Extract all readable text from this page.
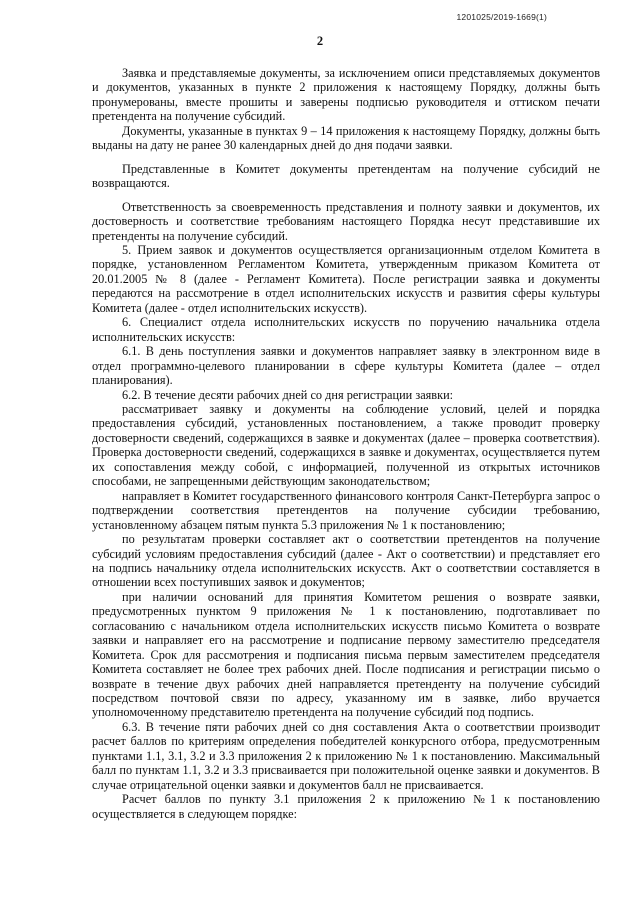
1201025/2019-1669(1)
2

Заявка и представляемые документы, за исключением описи представляемых документов и документов, указанных в пункте 2 приложения к настоящему Порядку, должны быть пронумерованы, вместе прошиты и заверены подписью руководителя и оттиском печати претендента на получение субсидий.

Документы, указанные в пунктах 9 – 14 приложения к настоящему Порядку, должны быть выданы на дату не ранее 30 календарных дней до дня подачи заявки.

Представленные в Комитет документы претендентам на получение субсидий не возвращаются.

Ответственность за своевременность представления и полноту заявки и документов, их достоверность и соответствие требованиям настоящего Порядка несут представившие их претенденты на получение субсидий.

5. Прием заявок и документов осуществляется организационным отделом Комитета в порядке, установленном Регламентом Комитета, утвержденным приказом Комитета от 20.01.2005 № 8 (далее - Регламент Комитета). После регистрации заявка и документы передаются на рассмотрение в отдел исполнительских искусств и развития сферы культуры Комитета (далее - отдел исполнительских искусств).

6. Специалист отдела исполнительских искусств по поручению начальника отдела исполнительских искусств:

6.1. В день поступления заявки и документов направляет заявку в электронном виде в отдел программно-целевого планировании в сфере культуры Комитета (далее – отдел планирования).

6.2. В течение десяти рабочих дней со дня регистрации заявки:

рассматривает заявку и документы на соблюдение условий, целей и порядка предоставления субсидий, установленных постановлением, а также проводит проверку достоверности сведений, содержащихся в заявке и документах (далее – проверка соответствия). Проверка достоверности сведений, содержащихся в заявке и документах, осуществляется путем их сопоставления между собой, с информацией, полученной из открытых источников способами, не запрещенными действующим законодательством;

направляет в Комитет государственного финансового контроля Санкт-Петербурга запрос о подтверждении соответствия претендентов на получение субсидии требованию, установленному абзацем пятым пункта 5.3 приложения № 1 к постановлению;

по результатам проверки составляет акт о соответствии претендентов на получение субсидий условиям предоставления субсидий (далее - Акт о соответствии) и представляет его на подпись начальнику отдела исполнительских искусств. Акт о соответствии составляется в отношении всех поступивших заявок и документов;

при наличии оснований для принятия Комитетом решения о возврате заявки, предусмотренных пунктом 9 приложения № 1 к постановлению, подготавливает по согласованию с начальником отдела исполнительских искусств письмо Комитета о возврате заявки и направляет его на рассмотрение и подписание первому заместителю председателя Комитета. Срок для рассмотрения и подписания письма первым заместителем председателя Комитета составляет не более трех рабочих дней. После подписания и регистрации письмо о возврате в течение двух рабочих дней направляется претенденту на получение субсидий посредством почтовой связи по адресу, указанному им в заявке, либо вручается уполномоченному представителю претендента на получение субсидий под подпись.

6.3. В течение пяти рабочих дней со дня составления Акта о соответствии производит расчет баллов по критериям определения победителей конкурсного отбора, предусмотренным пунктами 1.1, 3.1, 3.2 и 3.3 приложения 2 к приложению № 1 к постановлению. Максимальный балл по пунктам 1.1, 3.2 и 3.3 присваивается при положительной оценке заявки и документов. В случае отрицательной оценки заявки и документов балл не присваивается.

Расчет баллов по пункту 3.1 приложения 2 к приложению №1 к постановлению осуществляется в следующем порядке:
